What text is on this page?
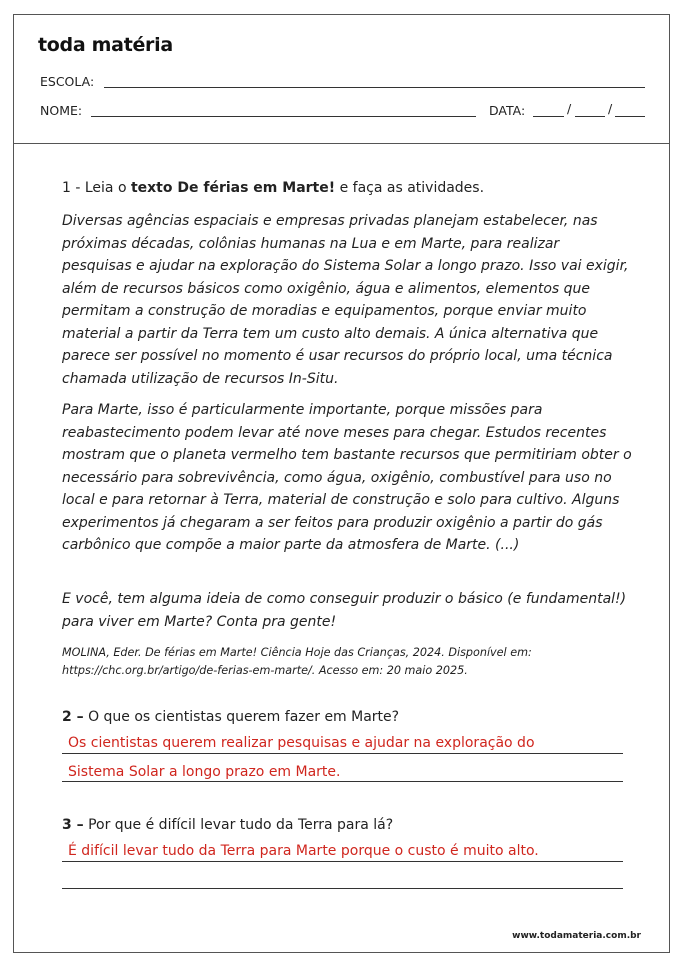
toda matéria
ESCOLA:
NOME:	DATA:	/	/
1 - Leia o texto De férias em Marte! e faça as atividades.
Diversas agências espaciais e empresas privadas planejam estabelecer, nas próximas décadas, colônias humanas na Lua e em Marte, para realizar pesquisas e ajudar na exploração do Sistema Solar a longo prazo. Isso vai exigir, além de recursos básicos como oxigênio, água e alimentos, elementos que permitam a construção de moradias e equipamentos, porque enviar muito material a partir da Terra tem um custo alto demais. A única alternativa que parece ser possível no momento é usar recursos do próprio local, uma técnica chamada utilização de recursos In-Situ.
Para Marte, isso é particularmente importante, porque missões para reabastecimento podem levar até nove meses para chegar. Estudos recentes mostram que o planeta vermelho tem bastante recursos que permitiriam obter o necessário para sobrevivência, como água, oxigênio, combustível para uso no local e para retornar à Terra, material de construção e solo para cultivo. Alguns experimentos já chegaram a ser feitos para produzir oxigênio a partir do gás carbônico que compõe a maior parte da atmosfera de Marte. (...)
E você, tem alguma ideia de como conseguir produzir o básico (e fundamental!) para viver em Marte? Conta pra gente!
MOLINA, Eder. De férias em Marte! Ciência Hoje das Crianças, 2024. Disponível em: https://chc.org.br/artigo/de-ferias-em-marte/. Acesso em: 20 maio 2025.
2 – O que os cientistas querem fazer em Marte?
Os cientistas querem realizar pesquisas e ajudar na exploração do
Sistema Solar a longo prazo em Marte.
3 – Por que é difícil levar tudo da Terra para lá?
É difícil levar tudo da Terra para Marte porque o custo é muito alto.
www.todamateria.com.br
